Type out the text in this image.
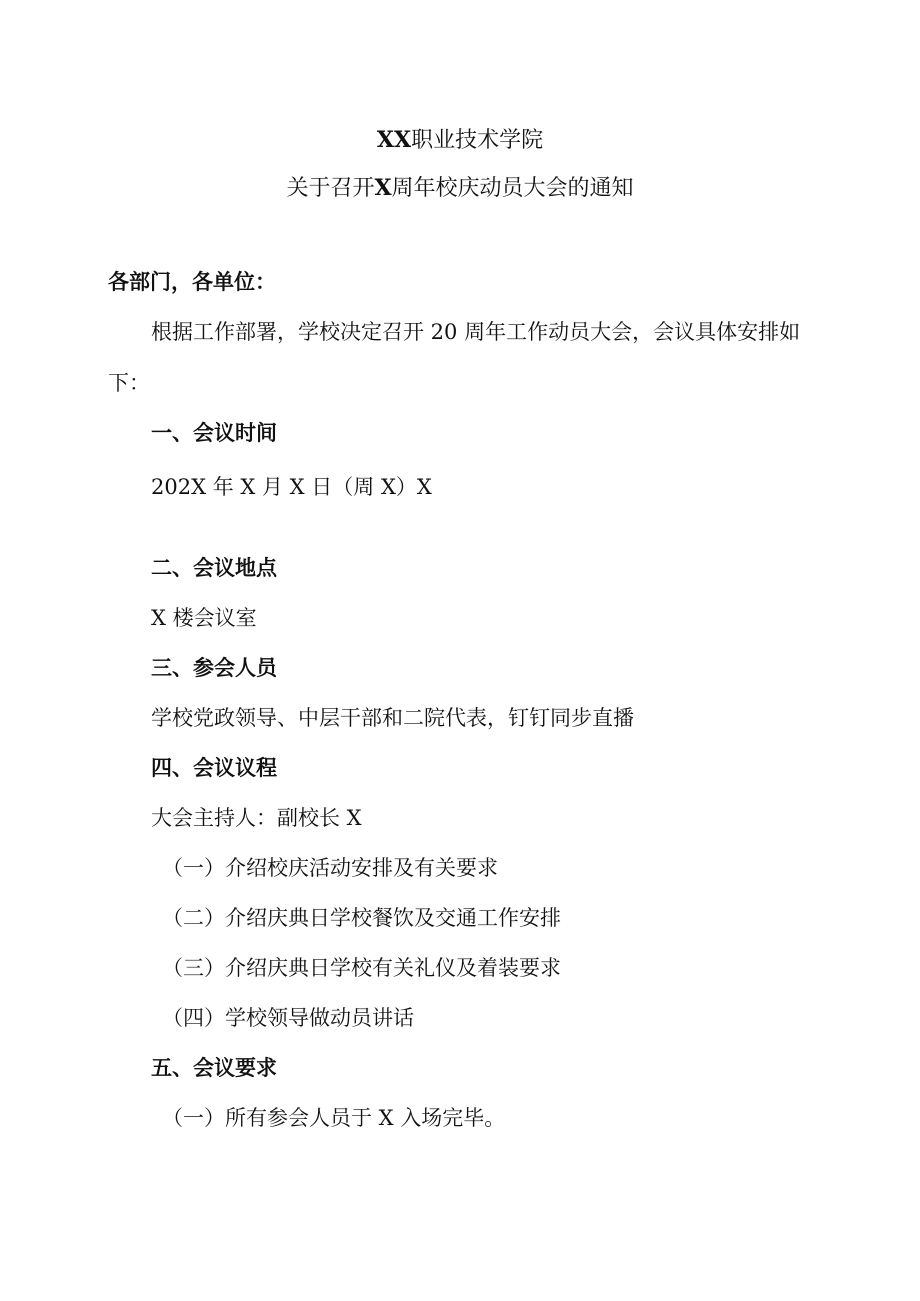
XX职业技术学院
关于召开X周年校庆动员大会的通知
各部门，各单位：
根据工作部署，学校决定召开 20 周年工作动员大会，会议具体安排如
下：
一、会议时间
202X 年 X 月 X 日（周 X）X
二、会议地点
X 楼会议室
三、参会人员
学校党政领导、中层干部和二院代表，钉钉同步直播
四、会议议程
大会主持人：副校长 X
（一）介绍校庆活动安排及有关要求
（二）介绍庆典日学校餐饮及交通工作安排
（三）介绍庆典日学校有关礼仪及着装要求
（四）学校领导做动员讲话
五、会议要求
（一）所有参会人员于 X 入场完毕。
